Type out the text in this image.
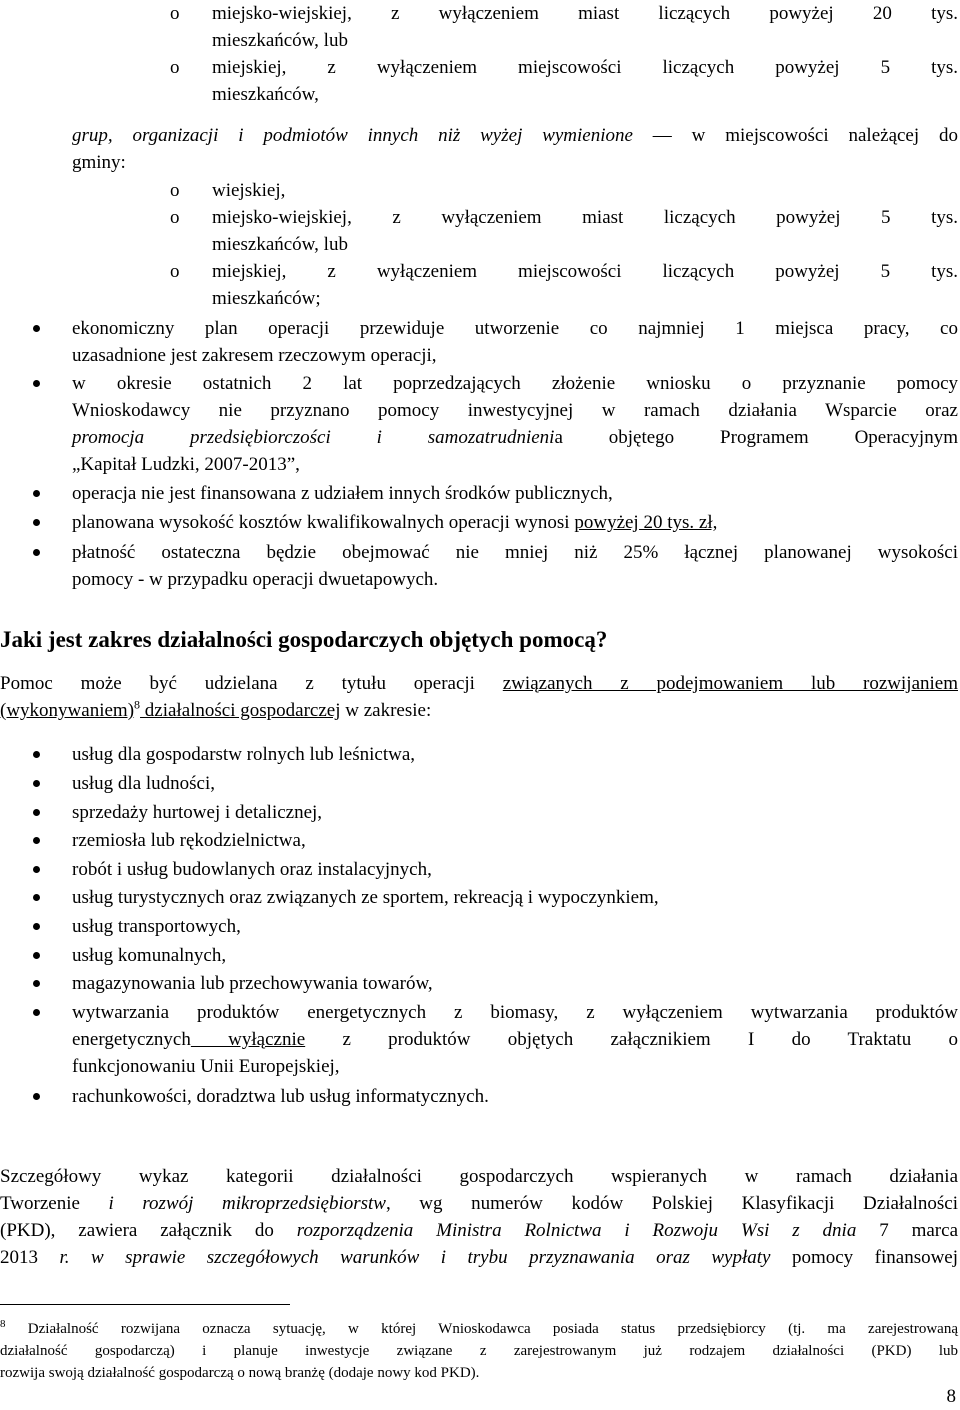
o	miejsko-wiejskiej, z wyłączeniem miast liczących powyżej 20 tys.
mieszkańców, lub
o	miejskiej, z wyłączeniem miejscowości liczących powyżej 5 tys.
mieszkańców,
grup, organizacji i podmiotów innych niż wyżej wymienione — w miejscowości należącej do
gminy:
o	wiejskiej,
o	miejsko-wiejskiej, z wyłączeniem miast liczących powyżej 5 tys.
mieszkańców, lub
o	miejskiej, z wyłączeniem miejscowości liczących powyżej 5 tys.
mieszkańców;
ekonomiczny plan operacji przewiduje utworzenie co najmniej 1 miejsca pracy, co
uzasadnione jest zakresem rzeczowym operacji,
w okresie ostatnich 2 lat poprzedzających złożenie wniosku o przyznanie pomocy
Wnioskodawcy nie przyznano pomocy inwestycyjnej w ramach działania Wsparcie oraz
promocja przedsiębiorczości i samozatrudnienia objętego Programem Operacyjnym
„Kapitał Ludzki, 2007-2013”,
operacja nie jest finansowana z udziałem innych środków publicznych,
planowana wysokość kosztów kwalifikowalnych operacji wynosi powyżej 20 tys. zł,
płatność ostateczna będzie obejmować nie mniej niż 25% łącznej planowanej wysokości
pomocy - w przypadku operacji dwuetapowych.
Jaki jest zakres działalności gospodarczych objętych pomocą?
Pomoc może być udzielana z tytułu operacji związanych z podejmowaniem lub rozwijaniem
(wykonywaniem)$^8$ działalności gospodarczej w zakresie:
usług dla gospodarstw rolnych lub leśnictwa,
usług dla ludności,
sprzedaży hurtowej i detalicznej,
rzemiosła lub rękodzielnictwa,
robót i usług budowlanych oraz instalacyjnych,
usług turystycznych oraz związanych ze sportem, rekreacją i wypoczynkiem,
usług transportowych,
usług komunalnych,
magazynowania lub przechowywania towarów,
wytwarzania produktów energetycznych z biomasy, z wyłączeniem wytwarzania produktów
energetycznych wyłącznie z produktów objętych załącznikiem I do Traktatu o
funkcjonowaniu Unii Europejskiej,
rachunkowości, doradztwa lub usług informatycznych.
Szczegółowy wykaz kategorii działalności gospodarczych wspieranych w ramach działania
Tworzenie i rozwój mikroprzedsiębiorstw, wg numerów kodów Polskiej Klasyfikacji Działalności
(PKD), zawiera załącznik do rozporządzenia Ministra Rolnictwa i Rozwoju Wsi z dnia 7 marca
2013 r. w sprawie szczegółowych warunków i trybu przyznawania oraz wypłaty pomocy finansowej
$^8$ Działalność rozwijana oznacza sytuację, w której Wnioskodawca posiada status przedsiębiorcy (tj. ma zarejestrowaną
działalność gospodarczą) i planuje inwestycje związane z zarejestrowanym już rodzajem działalności (PKD) lub
rozwija swoją działalność gospodarczą o nową branżę (dodaje nowy kod PKD).
8
